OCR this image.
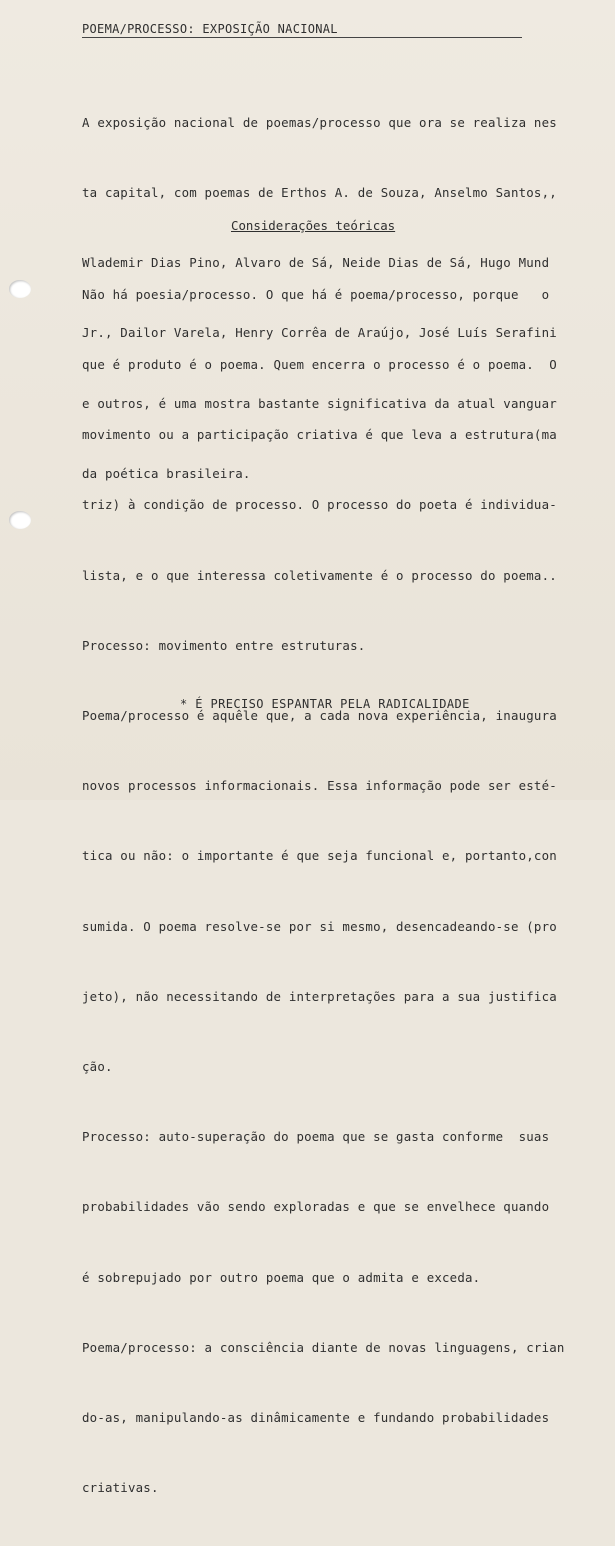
POEMA/PROCESSO: EXPOSIÇÃO NACIONAL

A exposição nacional de poemas/processo que ora se realiza nes

ta capital, com poemas de Erthos A. de Souza, Anselmo Santos,,

Wlademir Dias Pino, Alvaro de Sá, Neide Dias de Sá, Hugo Mund

Jr., Dailor Varela, Henry Corrêa de Araújo, José Luís Serafini

e outros, é uma mostra bastante significativa da atual vanguar

da poética brasileira.

Considerações teóricas

Não há poesia/processo. O que há é poema/processo, porque   o

que é produto é o poema. Quem encerra o processo é o poema.  O

movimento ou a participação criativa é que leva a estrutura(ma

triz) à condição de processo. O processo do poeta é individua-

lista, e o que interessa coletivamente é o processo do poema..

Processo: movimento entre estruturas.

Poema/processo é aquêle que, a cada nova experiência, inaugura

novos processos informacionais. Essa informação pode ser esté-

tica ou não: o importante é que seja funcional e, portanto,con

sumida. O poema resolve-se por si mesmo, desencadeando-se (pro

jeto), não necessitando de interpretações para a sua justifica

ção.

Processo: auto-superação do poema que se gasta conforme  suas

probabilidades vão sendo exploradas e que se envelhece quando

é sobrepujado por outro poema que o admita e exceda.

Poema/processo: a consciência diante de novas linguagens, crian

do-as, manipulando-as dinâmicamente e fundando probabilidades

criativas.

* É PRECISO ESPANTAR PELA RADICALIDADE
